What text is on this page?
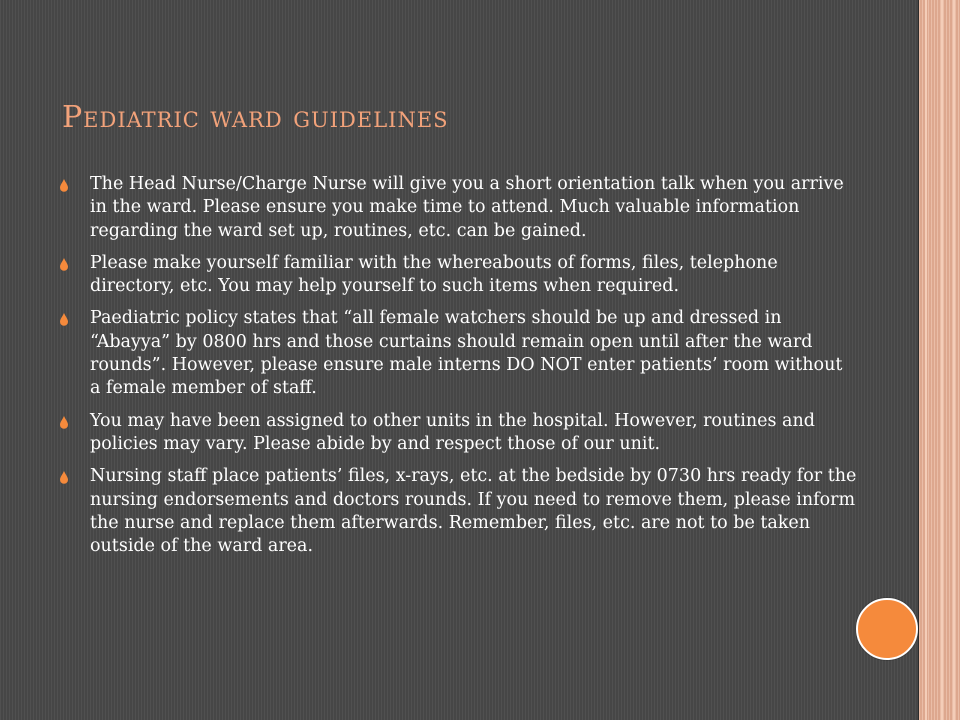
Pediatric ward guidelines
The Head Nurse/Charge Nurse will give you a short orientation talk when you arrive in the ward. Please ensure you make time to attend. Much valuable information regarding the ward set up, routines, etc. can be gained.
Please make yourself familiar with the whereabouts of forms, files, telephone directory, etc. You may help yourself to such items when required.
Paediatric policy states that “all female watchers should be up and dressed in “Abayya” by 0800 hrs and those curtains should remain open until after the ward rounds”. However, please ensure male interns DO NOT enter patients’ room without a female member of staff.
You may have been assigned to other units in the hospital. However, routines and policies may vary. Please abide by and respect those of our unit.
Nursing staff place patients’ files, x-rays, etc. at the bedside by 0730 hrs ready for the nursing endorsements and doctors rounds. If you need to remove them, please inform the nurse and replace them afterwards. Remember, files, etc. are not to be taken outside of the ward area.
